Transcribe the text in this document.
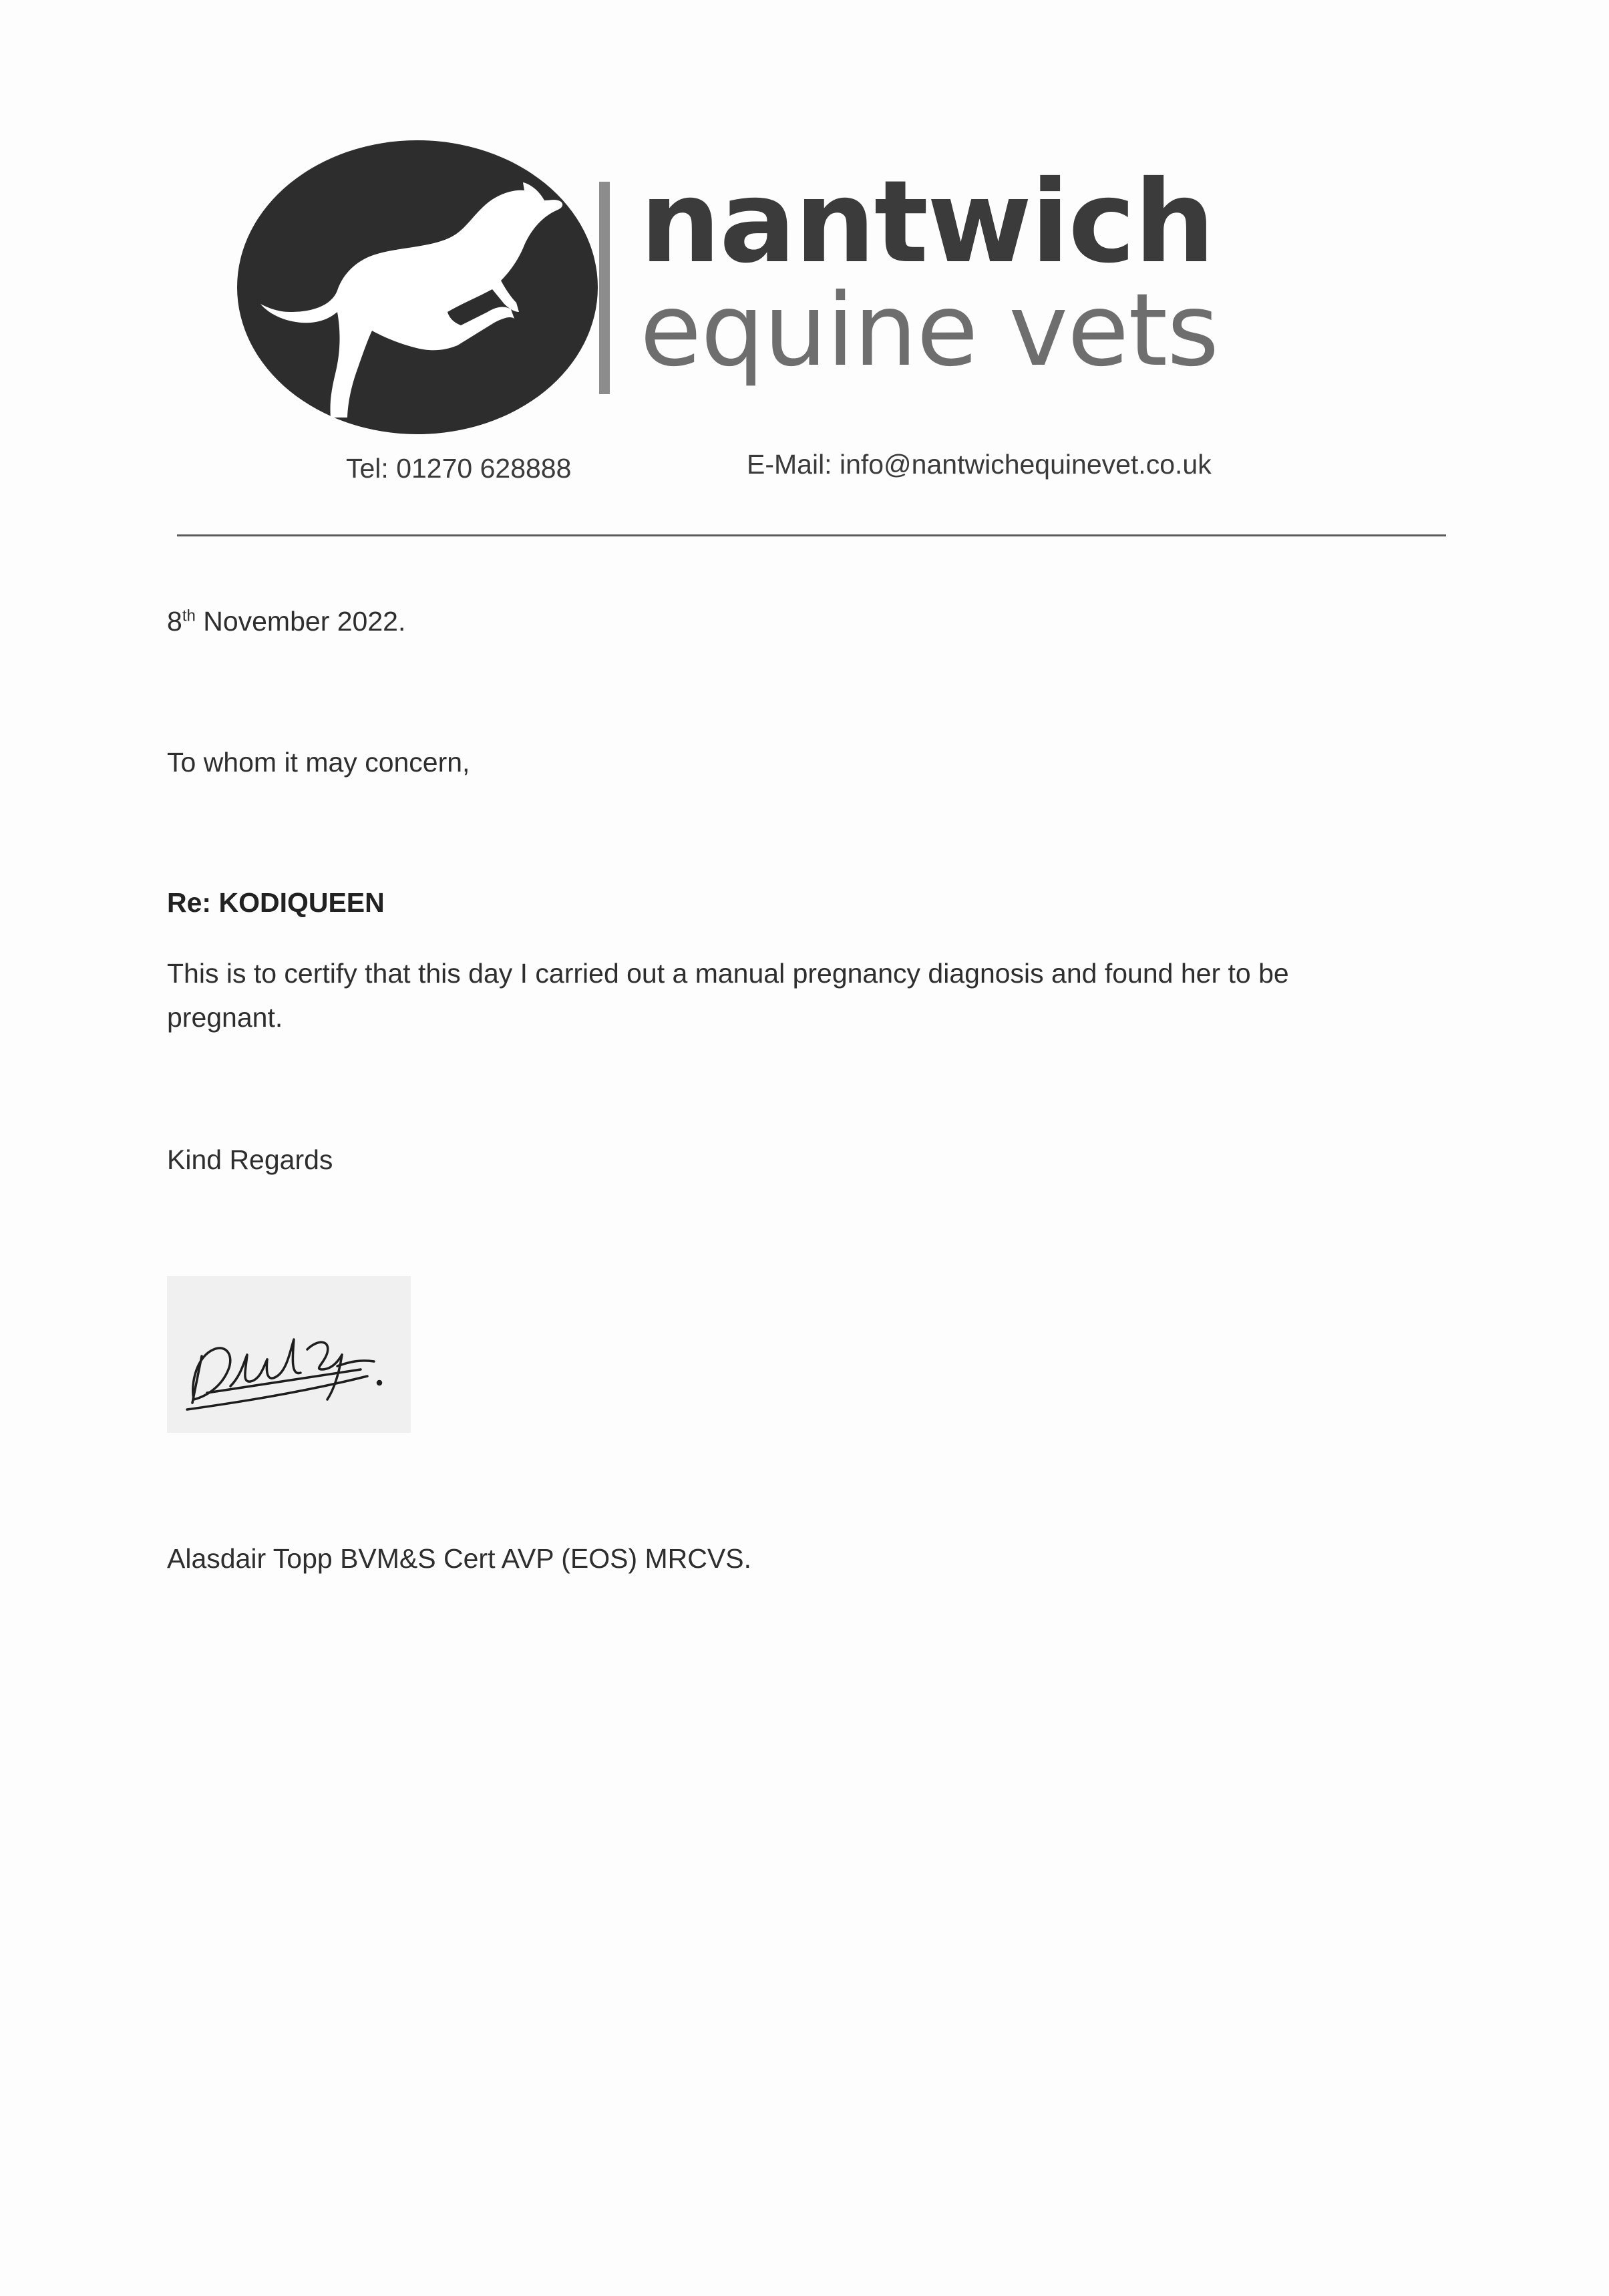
nantwich
equine vets
Tel: 01270 628888	E-Mail: info@nantwichequinevet.co.uk
8th November 2022.
To whom it may concern,
Re: KODIQUEEN
This is to certify that this day I carried out a manual pregnancy diagnosis and found her to be pregnant.
Kind Regards
Alasdair Topp BVM&S Cert AVP (EOS) MRCVS.
